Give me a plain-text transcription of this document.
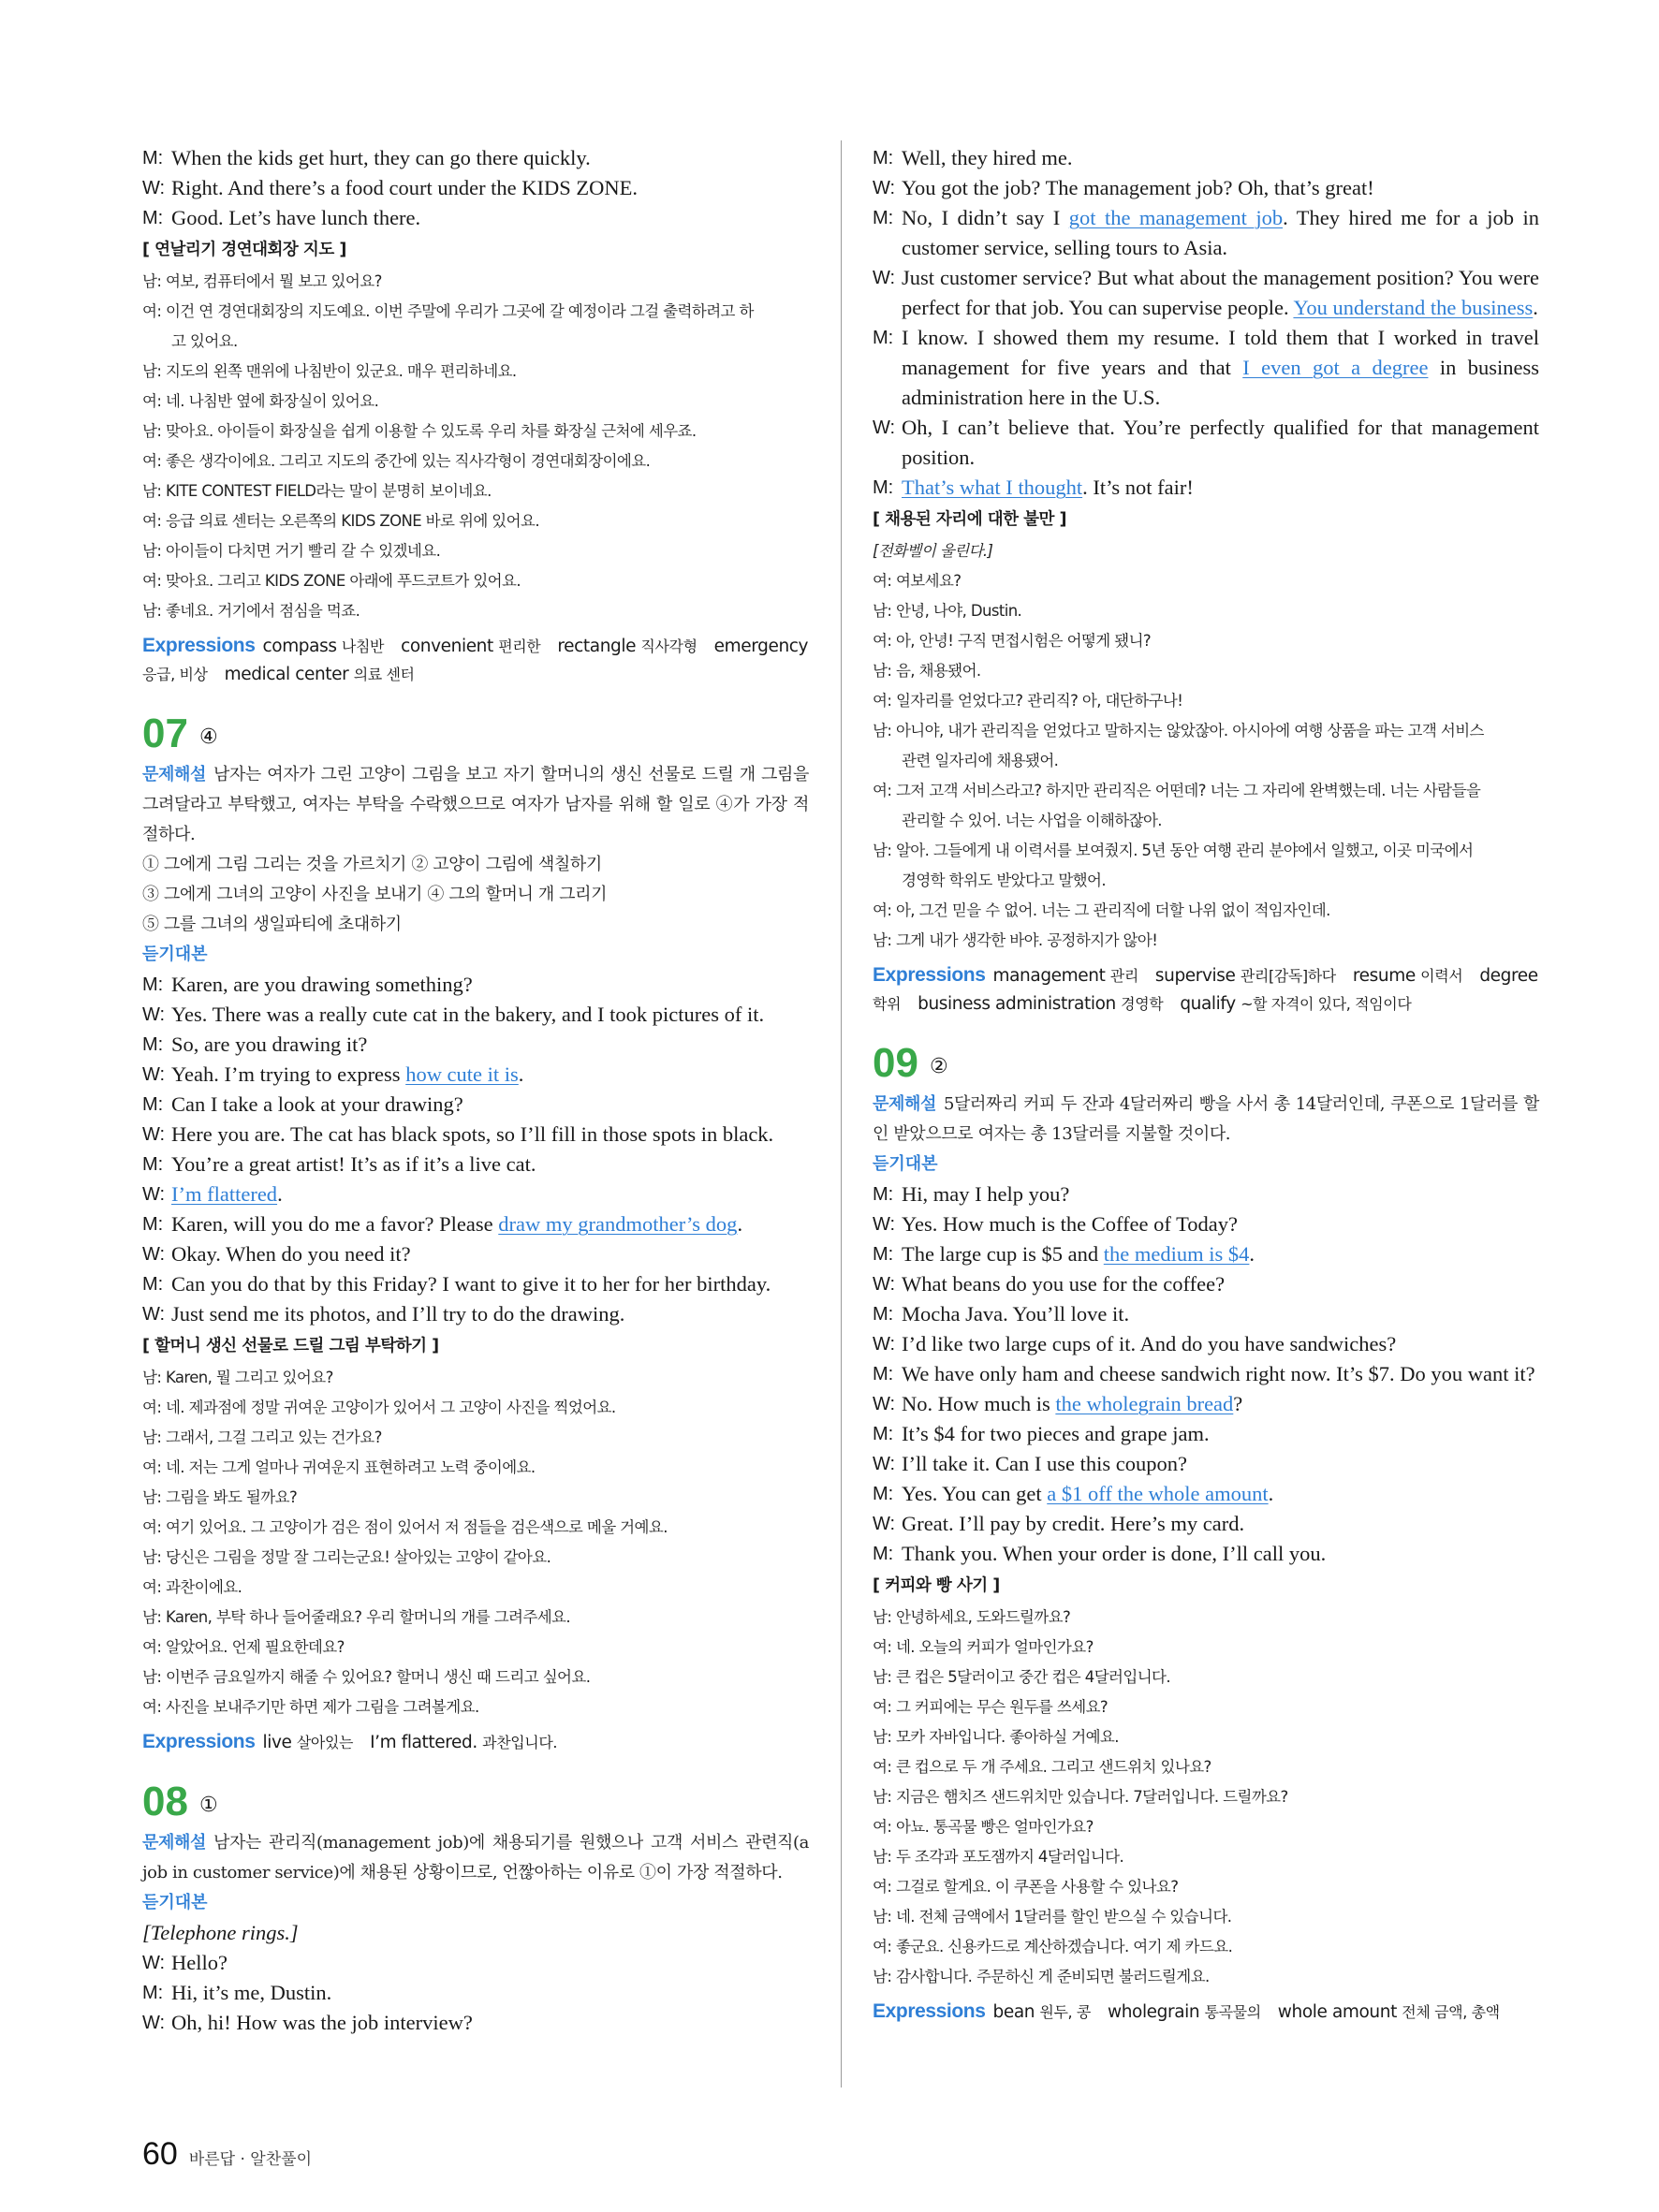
M: When the kids get hurt, they can go there quickly.
W: Right. And there’s a food court under the KIDS ZONE.
M: Good. Let’s have lunch there.
[ 연날리기 경연대회장 지도 ]
남: 여보, 컴퓨터에서 뭘 보고 있어요?
여: 이건 연 경연대회장의 지도예요. 이번 주말에 우리가 그곳에 갈 예정이라 그걸 출력하려고 하
고 있어요.
남: 지도의 왼쪽 맨위에 나침반이 있군요. 매우 편리하네요.
여: 네. 나침반 옆에 화장실이 있어요.
남: 맞아요. 아이들이 화장실을 쉽게 이용할 수 있도록 우리 차를 화장실 근처에 세우죠.
여: 좋은 생각이에요. 그리고 지도의 중간에 있는 직사각형이 경연대회장이에요.
남: KITE CONTEST FIELD라는 말이 분명히 보이네요.
여: 응급 의료 센터는 오른쪽의 KIDS ZONE 바로 위에 있어요.
남: 아이들이 다치면 거기 빨리 갈 수 있겠네요.
여: 맞아요. 그리고 KIDS ZONE 아래에 푸드코트가 있어요.
남: 좋네요. 거기에서 점심을 먹죠.
Expressions compass 나침반 convenient 편리한 rectangle 직사각형 emergency 응급, 비상 medical center 의료 센터
07 ④
문제해설 남자는 여자가 그린 고양이 그림을 보고 자기 할머니의 생신 선물로 드릴 개 그림을 그려달라고 부탁했고, 여자는 부탁을 수락했으므로 여자가 남자를 위해 할 일로 ④가 가장 적절하다.
① 그에게 그림 그리는 것을 가르치기 ② 고양이 그림에 색칠하기
③ 그에게 그녀의 고양이 사진을 보내기 ④ 그의 할머니 개 그리기
⑤ 그를 그녀의 생일파티에 초대하기
듣기대본
M: Karen, are you drawing something?
W: Yes. There was a really cute cat in the bakery, and I took pictures of it.
M: So, are you drawing it?
W: Yeah. I’m trying to express how cute it is.
M: Can I take a look at your drawing?
W: Here you are. The cat has black spots, so I’ll fill in those spots in black.
M: You’re a great artist! It’s as if it’s a live cat.
W: I’m flattered.
M: Karen, will you do me a favor? Please draw my grandmother’s dog.
W: Okay. When do you need it?
M: Can you do that by this Friday? I want to give it to her for her birthday.
W: Just send me its photos, and I’ll try to do the drawing.
[ 할머니 생신 선물로 드릴 그림 부탁하기 ]
남: Karen, 뭘 그리고 있어요?
여: 네. 제과점에 정말 귀여운 고양이가 있어서 그 고양이 사진을 찍었어요.
남: 그래서, 그걸 그리고 있는 건가요?
여: 네. 저는 그게 얼마나 귀여운지 표현하려고 노력 중이에요.
남: 그림을 봐도 될까요?
여: 여기 있어요. 그 고양이가 검은 점이 있어서 저 점들을 검은색으로 메울 거예요.
남: 당신은 그림을 정말 잘 그리는군요! 살아있는 고양이 같아요.
여: 과찬이에요.
남: Karen, 부탁 하나 들어줄래요? 우리 할머니의 개를 그려주세요.
여: 알았어요. 언제 필요한데요?
남: 이번주 금요일까지 해줄 수 있어요? 할머니 생신 때 드리고 싶어요.
여: 사진을 보내주기만 하면 제가 그림을 그려볼게요.
Expressions live 살아있는 I’m flattered. 과찬입니다.
08 ①
문제해설 남자는 관리직(management job)에 채용되기를 원했으나 고객 서비스 관련직(a job in customer service)에 채용된 상황이므로, 언짢아하는 이유로 ①이 가장 적절하다.
듣기대본
[Telephone rings.]
W: Hello?
M: Hi, it’s me, Dustin.
W: Oh, hi! How was the job interview?
M: Well, they hired me.
W: You got the job? The management job? Oh, that’s great!
M: No, I didn’t say I got the management job. They hired me for a job in customer service, selling tours to Asia.
W: Just customer service? But what about the management position? You were perfect for that job. You can supervise people. You understand the business.
M: I know. I showed them my resume. I told them that I worked in travel management for five years and that I even got a degree in business administration here in the U.S.
W: Oh, I can’t believe that. You’re perfectly qualified for that management position.
M: That’s what I thought. It’s not fair!
[ 채용된 자리에 대한 불만 ]
[전화벨이 울린다.]
여: 여보세요?
남: 안녕, 나야, Dustin.
여: 아, 안녕! 구직 면접시험은 어떻게 됐니?
남: 음, 채용됐어.
여: 일자리를 얻었다고? 관리직? 아, 대단하구나!
남: 아니야, 내가 관리직을 얻었다고 말하지는 않았잖아. 아시아에 여행 상품을 파는 고객 서비스
관련 일자리에 채용됐어.
여: 그저 고객 서비스라고? 하지만 관리직은 어떤데? 너는 그 자리에 완벽했는데. 너는 사람들을
관리할 수 있어. 너는 사업을 이해하잖아.
남: 알아. 그들에게 내 이력서를 보여줬지. 5년 동안 여행 관리 분야에서 일했고, 이곳 미국에서
경영학 학위도 받았다고 말했어.
여: 아, 그건 믿을 수 없어. 너는 그 관리직에 더할 나위 없이 적임자인데.
남: 그게 내가 생각한 바야. 공정하지가 않아!
Expressions management 관리 supervise 관리[감독]하다 resume 이력서 degree 학위 business administration 경영학 qualify ~할 자격이 있다, 적임이다
09 ②
문제해설 5달러짜리 커피 두 잔과 4달러짜리 빵을 사서 총 14달러인데, 쿠폰으로 1달러를 할인 받았으므로 여자는 총 13달러를 지불할 것이다.
듣기대본
M: Hi, may I help you?
W: Yes. How much is the Coffee of Today?
M: The large cup is $5 and the medium is $4.
W: What beans do you use for the coffee?
M: Mocha Java. You’ll love it.
W: I’d like two large cups of it. And do you have sandwiches?
M: We have only ham and cheese sandwich right now. It’s $7. Do you want it?
W: No. How much is the wholegrain bread?
M: It’s $4 for two pieces and grape jam.
W: I’ll take it. Can I use this coupon?
M: Yes. You can get a $1 off the whole amount.
W: Great. I’ll pay by credit. Here’s my card.
M: Thank you. When your order is done, I’ll call you.
[ 커피와 빵 사기 ]
남: 안녕하세요, 도와드릴까요?
여: 네. 오늘의 커피가 얼마인가요?
남: 큰 컵은 5달러이고 중간 컵은 4달러입니다.
여: 그 커피에는 무슨 원두를 쓰세요?
남: 모카 자바입니다. 좋아하실 거예요.
여: 큰 컵으로 두 개 주세요. 그리고 샌드위치 있나요?
남: 지금은 햄치즈 샌드위치만 있습니다. 7달러입니다. 드릴까요?
여: 아뇨. 통곡물 빵은 얼마인가요?
남: 두 조각과 포도잼까지 4달러입니다.
여: 그걸로 할게요. 이 쿠폰을 사용할 수 있나요?
남: 네. 전체 금액에서 1달러를 할인 받으실 수 있습니다.
여: 좋군요. 신용카드로 계산하겠습니다. 여기 제 카드요.
남: 감사합니다. 주문하신 게 준비되면 불러드릴게요.
Expressions bean 원두, 콩 wholegrain 통곡물의 whole amount 전체 금액, 총액
60 바른답 · 알찬풀이
